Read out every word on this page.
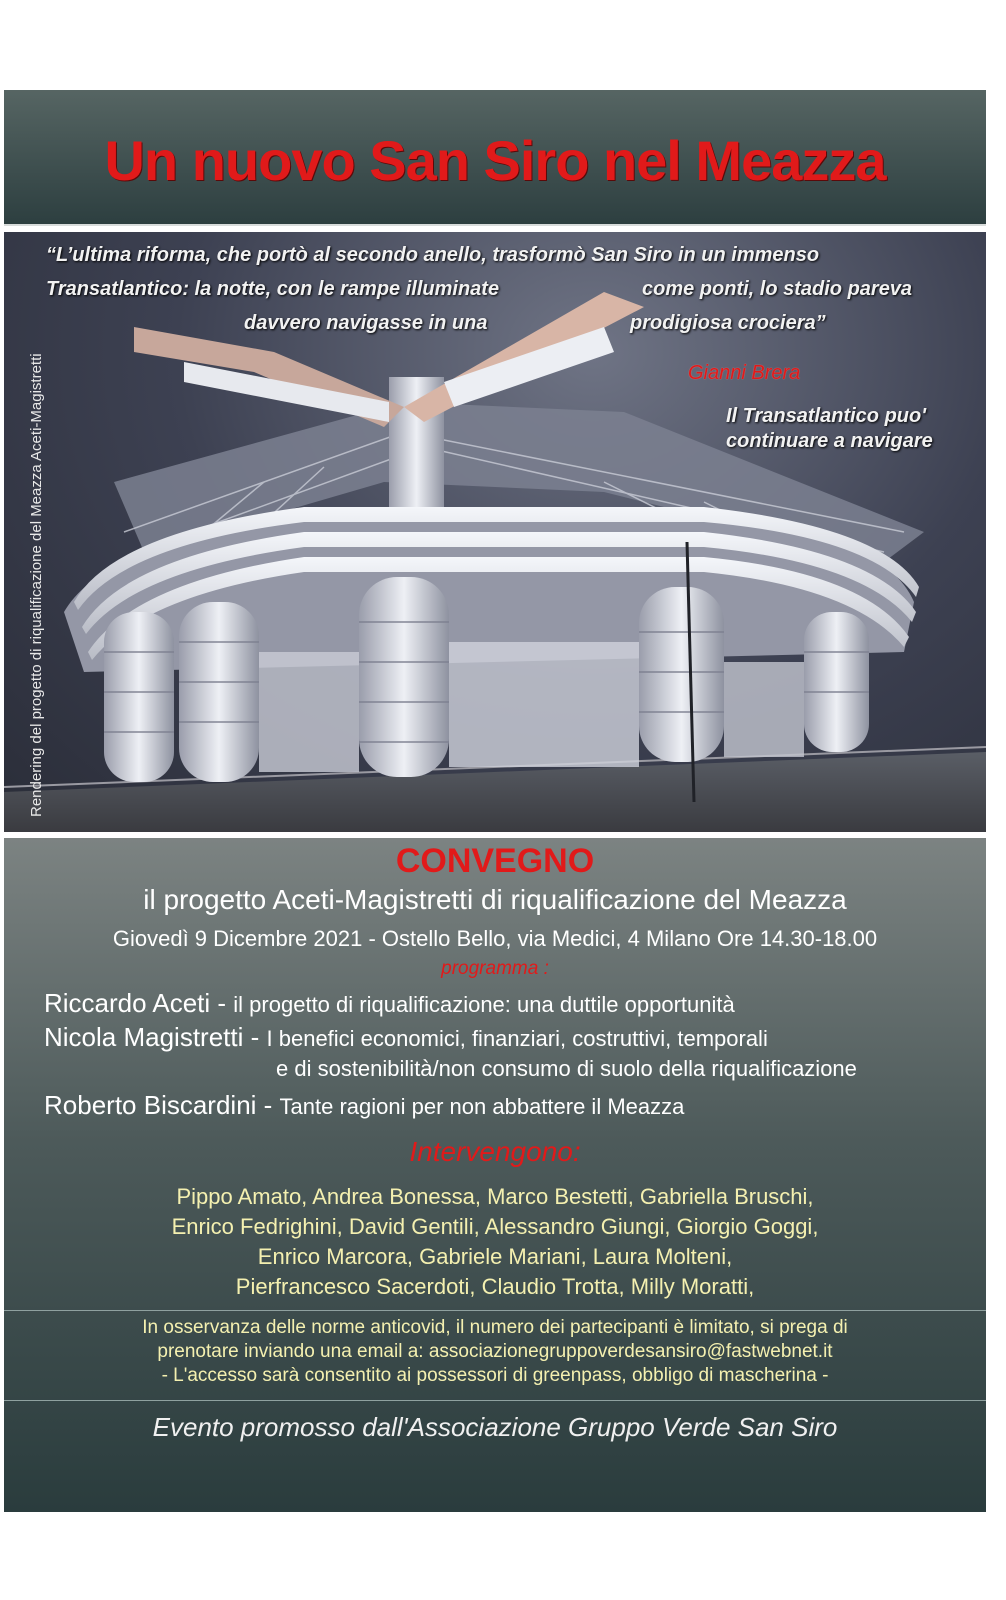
Un nuovo San Siro nel Meazza
Rendering del progetto di riqualificazione del Meazza Aceti-Magistretti
“L’ultima riforma, che portò al secondo anello, trasformò San Siro in un immenso
Transatlantico: la notte, con le rampe illuminate	come ponti, lo stadio pareva
davvero navigasse in una	prodigiosa crociera”
Gianni Brera
Il Transatlantico puo'
continuare a navigare
CONVEGNO
il progetto Aceti-Magistretti di riqualificazione del Meazza
Giovedì 9 Dicembre 2021 - Ostello Bello, via Medici, 4 Milano Ore 14.30-18.00
programma :
Riccardo Aceti - il progetto di riqualificazione: una duttile opportunità
Nicola Magistretti - I benefici economici, finanziari, costruttivi, temporali
e di sostenibilità/non consumo di suolo della riqualificazione
Roberto Biscardini - Tante ragioni per non abbattere il Meazza
Intervengono:
Pippo Amato, Andrea Bonessa, Marco Bestetti, Gabriella Bruschi,
Enrico Fedrighini, David Gentili, Alessandro Giungi, Giorgio Goggi,
Enrico Marcora, Gabriele Mariani, Laura Molteni,
Pierfrancesco Sacerdoti, Claudio Trotta, Milly Moratti,
In osservanza delle norme anticovid, il numero dei partecipanti è limitato, si prega di
prenotare inviando una email a: associazionegruppoverdesansiro@fastwebnet.it
- L'accesso sarà consentito ai possessori di greenpass, obbligo di mascherina -
Evento promosso dall'Associazione Gruppo Verde San Siro
